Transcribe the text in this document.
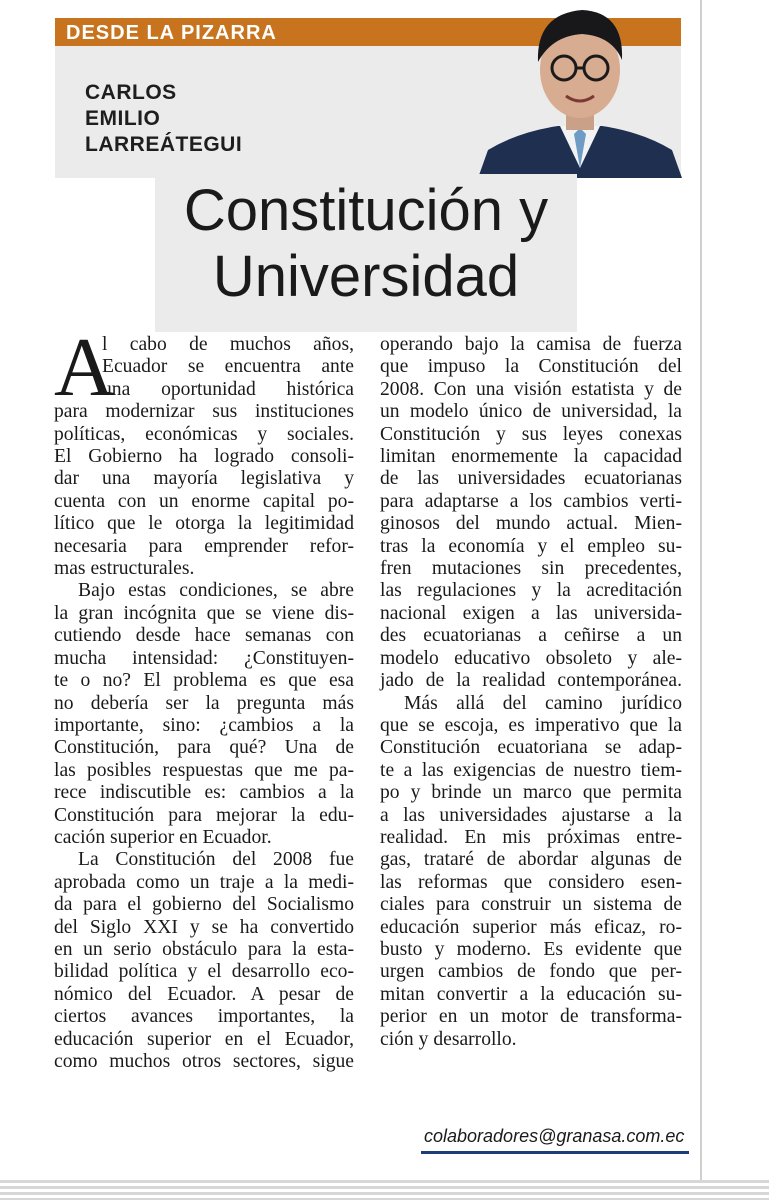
DESDE LA PIZARRA
CARLOS
EMILIO
LARREÁTEGUI
Constitución y
Universidad
A
l cabo de muchos años,
Ecuador se encuentra ante
una oportunidad histórica
para modernizar sus instituciones
políticas, económicas y sociales.
El Gobierno ha logrado consoli-
dar una mayoría legislativa y
cuenta con un enorme capital po-
lítico que le otorga la legitimidad
necesaria para emprender refor-
mas estructurales.
Bajo estas condiciones, se abre
la gran incógnita que se viene dis-
cutiendo desde hace semanas con
mucha intensidad: ¿Constituyen-
te o no? El problema es que esa
no debería ser la pregunta más
importante, sino: ¿cambios a la
Constitución, para qué? Una de
las posibles respuestas que me pa-
rece indiscutible es: cambios a la
Constitución para mejorar la edu-
cación superior en Ecuador.
La Constitución del 2008 fue
aprobada como un traje a la medi-
da para el gobierno del Socialismo
del Siglo XXI y se ha convertido
en un serio obstáculo para la esta-
bilidad política y el desarrollo eco-
nómico del Ecuador. A pesar de
ciertos avances importantes, la
educación superior en el Ecuador,
como muchos otros sectores, sigue
operando bajo la camisa de fuerza
que impuso la Constitución del
2008. Con una visión estatista y de
un modelo único de universidad, la
Constitución y sus leyes conexas
limitan enormemente la capacidad
de las universidades ecuatorianas
para adaptarse a los cambios verti-
ginosos del mundo actual. Mien-
tras la economía y el empleo su-
fren mutaciones sin precedentes,
las regulaciones y la acreditación
nacional exigen a las universida-
des ecuatorianas a ceñirse a un
modelo educativo obsoleto y ale-
jado de la realidad contemporánea.
Más allá del camino jurídico
que se escoja, es imperativo que la
Constitución ecuatoriana se adap-
te a las exigencias de nuestro tiem-
po y brinde un marco que permita
a las universidades ajustarse a la
realidad. En mis próximas entre-
gas, trataré de abordar algunas de
las reformas que considero esen-
ciales para construir un sistema de
educación superior más eficaz, ro-
busto y moderno. Es evidente que
urgen cambios de fondo que per-
mitan convertir a la educación su-
perior en un motor de transforma-
ción y desarrollo.
colaboradores@granasa.com.ec
